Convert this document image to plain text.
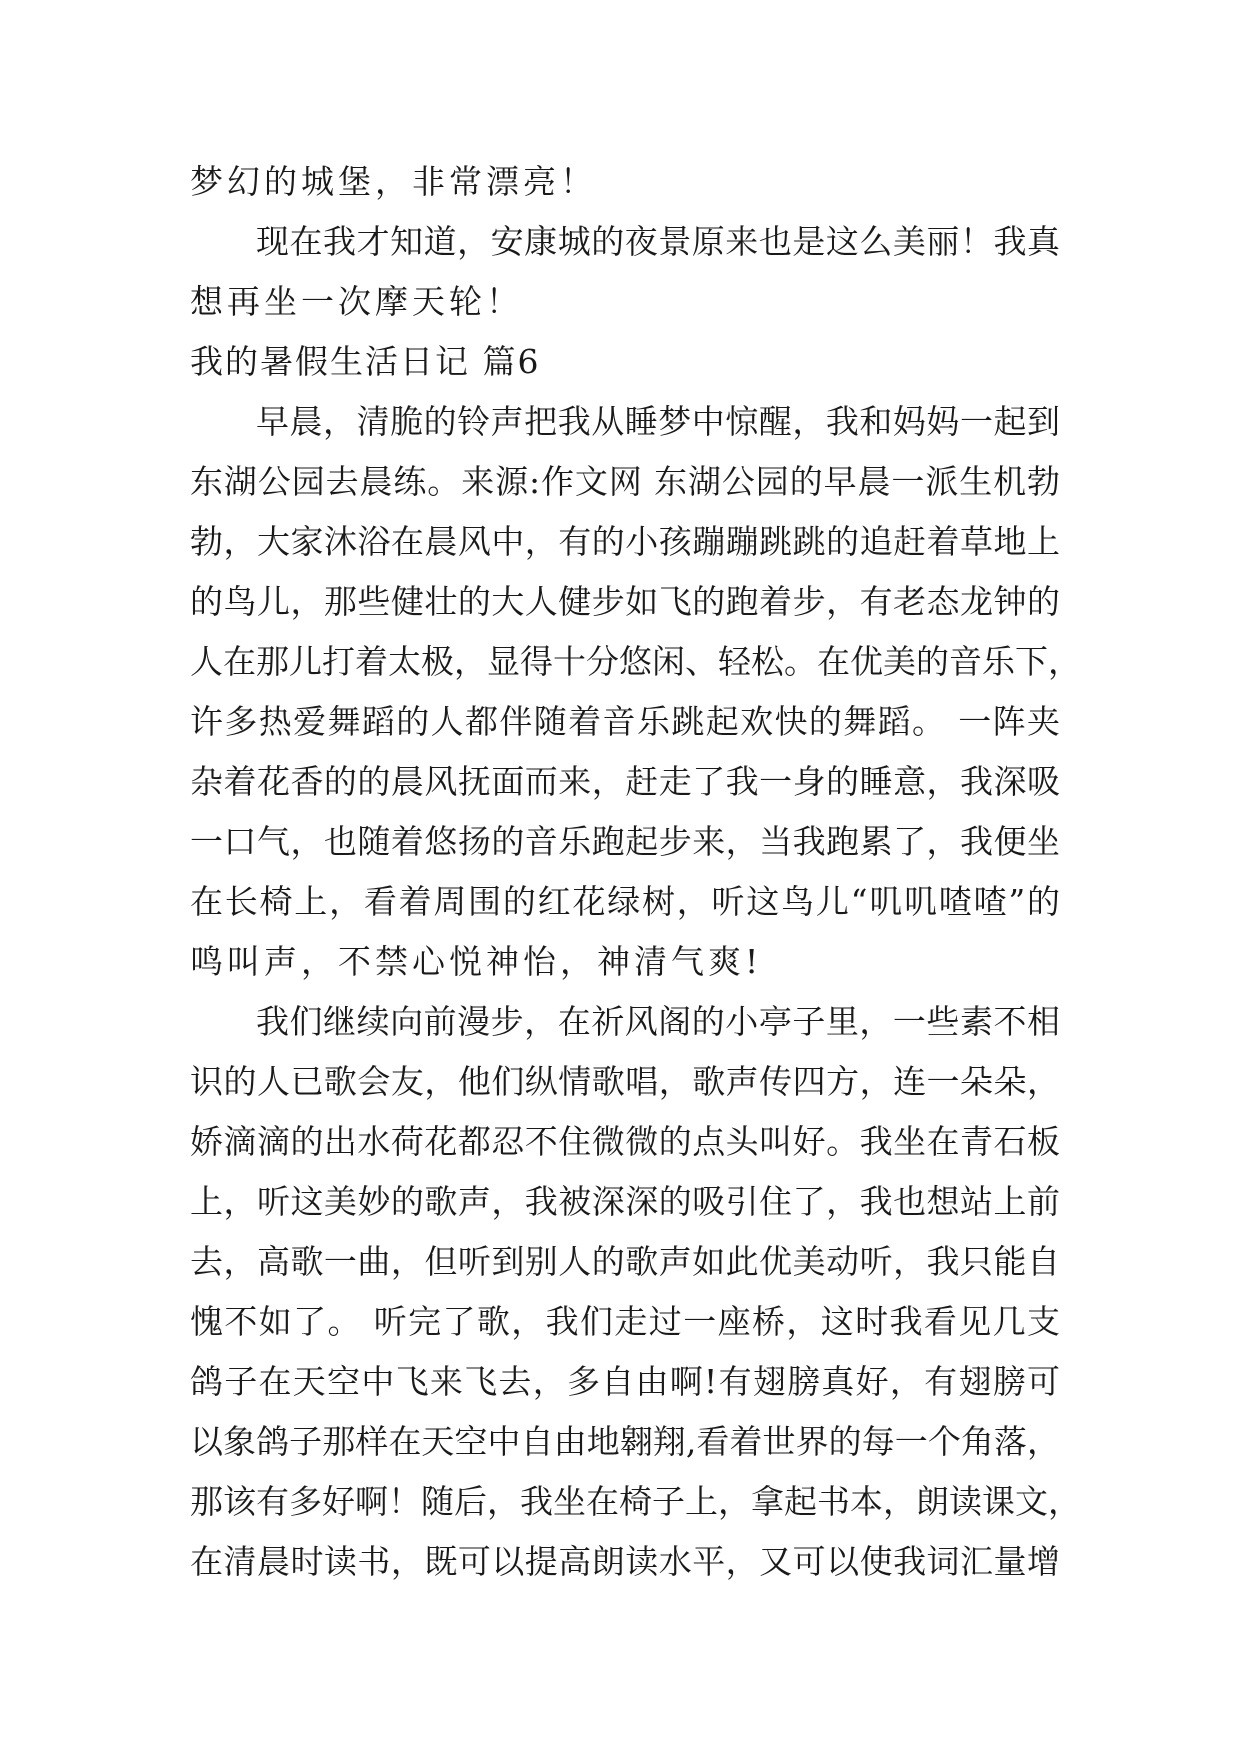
梦幻的城堡，非常漂亮！
现在我才知道，安康城的夜景原来也是这么美丽！我真
想再坐一次摩天轮！
我的暑假生活日记 篇6
早晨，清脆的铃声把我从睡梦中惊醒，我和妈妈一起到
东湖公园去晨练。来源:作文网 东湖公园的早晨一派生机勃
勃，大家沐浴在晨风中，有的小孩蹦蹦跳跳的追赶着草地上
的鸟儿，那些健壮的大人健步如飞的跑着步，有老态龙钟的
人在那儿打着太极，显得十分悠闲、轻松。在优美的音乐下，
许多热爱舞蹈的人都伴随着音乐跳起欢快的舞蹈。 一阵夹
杂着花香的的晨风抚面而来，赶走了我一身的睡意，我深吸
一口气，也随着悠扬的音乐跑起步来，当我跑累了，我便坐
在长椅上，看着周围的红花绿树，听这鸟儿“叽叽喳喳”的
鸣叫声，不禁心悦神怡，神清气爽!
我们继续向前漫步，在祈风阁的小亭子里，一些素不相
识的人已歌会友，他们纵情歌唱，歌声传四方，连一朵朵，
娇滴滴的出水荷花都忍不住微微的点头叫好。我坐在青石板
上，听这美妙的歌声，我被深深的吸引住了，我也想站上前
去，高歌一曲，但听到别人的歌声如此优美动听，我只能自
愧不如了。 听完了歌，我们走过一座桥，这时我看见几支
鸽子在天空中飞来飞去，多自由啊!有翅膀真好，有翅膀可
以象鸽子那样在天空中自由地翱翔,看着世界的每一个角落，
那该有多好啊！随后，我坐在椅子上，拿起书本，朗读课文，
在清晨时读书，既可以提高朗读水平，又可以使我词汇量增
